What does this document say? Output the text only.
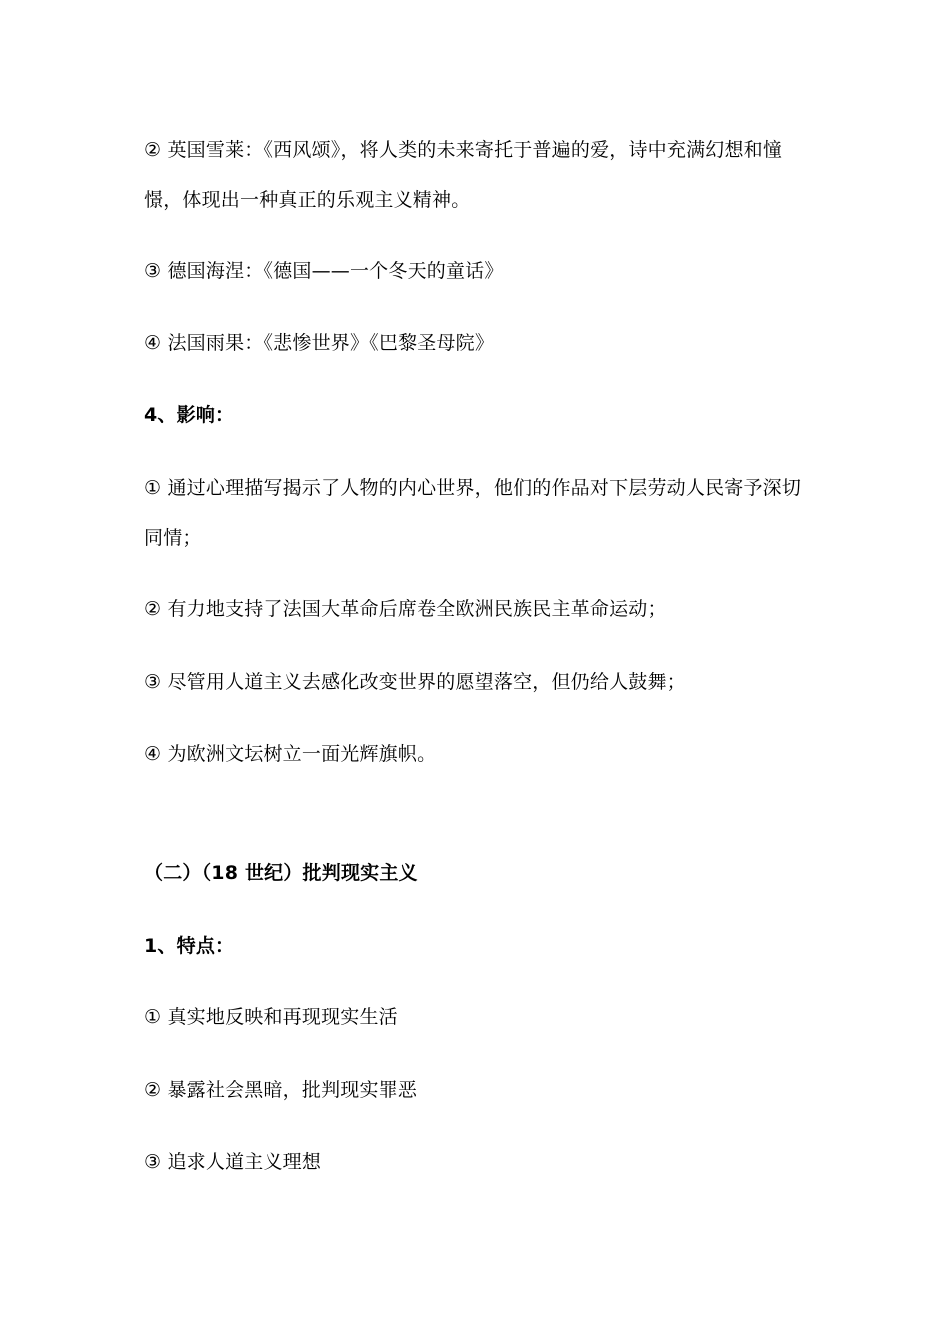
② 英国雪莱：《西风颂》，将人类的未来寄托于普遍的爱，诗中充满幻想和憧
憬，体现出一种真正的乐观主义精神。
③ 德国海涅：《德国——一个冬天的童话》
④ 法国雨果：《悲惨世界》《巴黎圣母院》
4、影响：
① 通过心理描写揭示了人物的内心世界，他们的作品对下层劳动人民寄予深切
同情；
② 有力地支持了法国大革命后席卷全欧洲民族民主革命运动；
③ 尽管用人道主义去感化改变世界的愿望落空，但仍给人鼓舞；
④ 为欧洲文坛树立一面光辉旗帜。
（二）（18 世纪）批判现实主义
1、特点：
① 真实地反映和再现现实生活
② 暴露社会黑暗，批判现实罪恶
③ 追求人道主义理想
